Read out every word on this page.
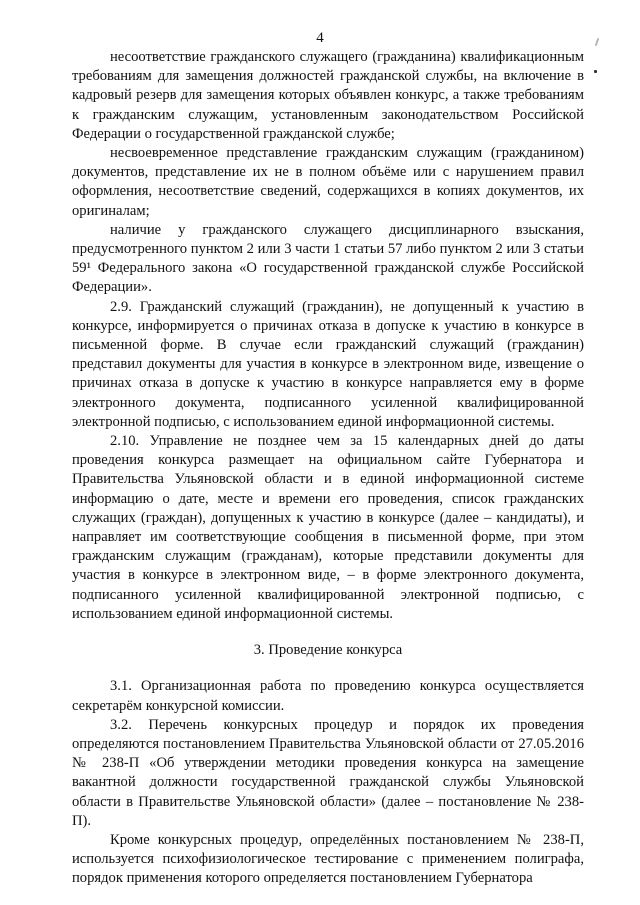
4

несоответствие гражданского служащего (гражданина) квалификационным требованиям для замещения должностей гражданской службы, на включение в кадровый резерв для замещения которых объявлен конкурс, а также требованиям к гражданским служащим, установленным законодательством Российской Федерации о государственной гражданской службе;

несвоевременное представление гражданским служащим (гражданином) документов, представление их не в полном объёме или с нарушением правил оформления, несоответствие сведений, содержащихся в копиях документов, их оригиналам;

наличие у гражданского служащего дисциплинарного взыскания, предусмотренного пунктом 2 или 3 части 1 статьи 57 либо пунктом 2 или 3 статьи 59¹ Федерального закона «О государственной гражданской службе Российской Федерации».

2.9. Гражданский служащий (гражданин), не допущенный к участию в конкурсе, информируется о причинах отказа в допуске к участию в конкурсе в письменной форме. В случае если гражданский служащий (гражданин) представил документы для участия в конкурсе в электронном виде, извещение о причинах отказа в допуске к участию в конкурсе направляется ему в форме электронного документа, подписанного усиленной квалифицированной электронной подписью, с использованием единой информационной системы.

2.10. Управление не позднее чем за 15 календарных дней до даты проведения конкурса размещает на официальном сайте Губернатора и Правительства Ульяновской области и в единой информационной системе информацию о дате, месте и времени его проведения, список гражданских служащих (граждан), допущенных к участию в конкурсе (далее – кандидаты), и направляет им соответствующие сообщения в письменной форме, при этом гражданским служащим (гражданам), которые представили документы для участия в конкурсе в электронном виде, – в форме электронного документа, подписанного усиленной квалифицированной электронной подписью, с использованием единой информационной системы.

3. Проведение конкурса

3.1. Организационная работа по проведению конкурса осуществляется секретарём конкурсной комиссии.

3.2. Перечень конкурсных процедур и порядок их проведения определяются постановлением Правительства Ульяновской области от 27.05.2016 № 238-П «Об утверждении методики проведения конкурса на замещение вакантной должности государственной гражданской службы Ульяновской области в Правительстве Ульяновской области» (далее – постановление № 238-П).

Кроме конкурсных процедур, определённых постановлением № 238-П, используется психофизиологическое тестирование с применением полиграфа, порядок применения которого определяется постановлением Губернатора
